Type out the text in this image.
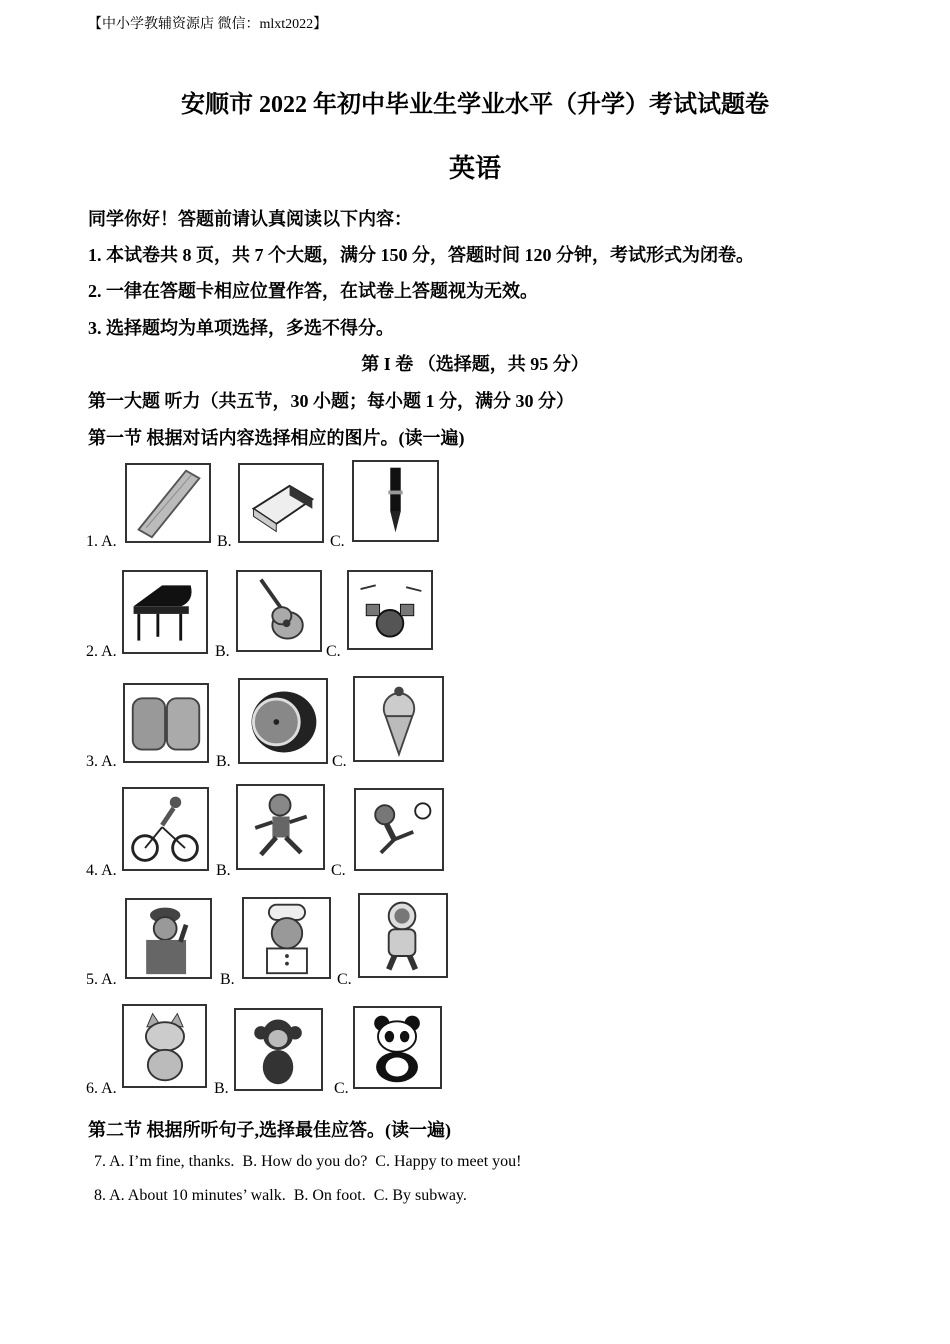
【中小学教辅资源店 微信：mlxt2022】
安顺市 2022 年初中毕业生学业水平（升学）考试试题卷
英语
同学你好！答题前请认真阅读以下内容：
1. 本试卷共 8 页，共 7 个大题，满分 150 分，答题时间 120 分钟，考试形式为闭卷。
2. 一律在答题卡相应位置作答，在试卷上答题视为无效。
3. 选择题均为单项选择，多选不得分。
第 I 卷 （选择题，共 95 分）
第一大题 听力（共五节，30 小题；每小题 1 分，满分 30 分）
第一节 根据对话内容选择相应的图片。(读一遍)
1. A.	B.	C.
2. A.	B.	C.
3. A.	B.	C.
4. A.	B.	C.
5. A.	B.	C.
6. A.	B.	C.
第二节 根据所听句子,选择最佳应答。(读一遍)
7. A. I’m fine, thanks.  B. How do you do?  C. Happy to meet you!
8. A. About 10 minutes’ walk.  B. On foot.  C. By subway.
